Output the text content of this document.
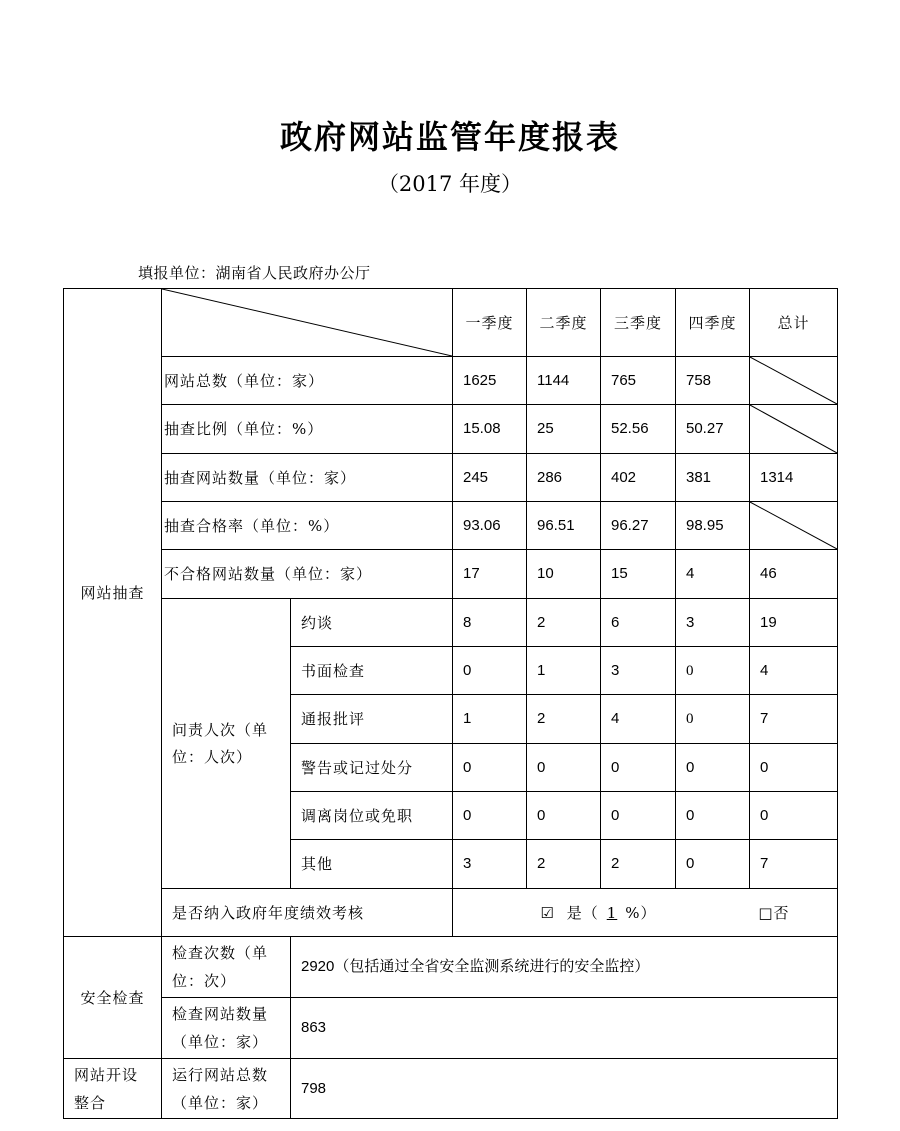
政府网站监管年度报表
（2017 年度）
填报单位：湖南省人民政府办公厅
网站抽查			一季度	二季度	三季度	四季度	总计
	网站总数（单位：家）		1625	1144	765	758	

	抽查比例（单位：%）		15.08	25	52.56	50.27	

	抽查网站数量（单位：家）		245	286	402	381	1314
	抽查合格率（单位：%）		93.06	96.51	96.27	98.95	

	不合格网站数量（单位：家）		17	10	15	4	46
	问责人次（单位：人次）	约谈	8	2	6	3	19
		书面检查	0	1	3	0	4
		通报批评	1	2	4	0	7
		警告或记过处分	0	0	0	0	0
		调离岗位或免职	0	0	0	0	0
		其他	3	2	2	0	7
	是否纳入政府年度绩效考核		☑ 是（ 1 %） □否				
安全检查	检查次数（单位：次）	2920（包括通过全省安全监测系统进行的安全监控）					
	检查网站数量（单位：家）	863					
网站开设整合	运行网站总数（单位：家）	798					
